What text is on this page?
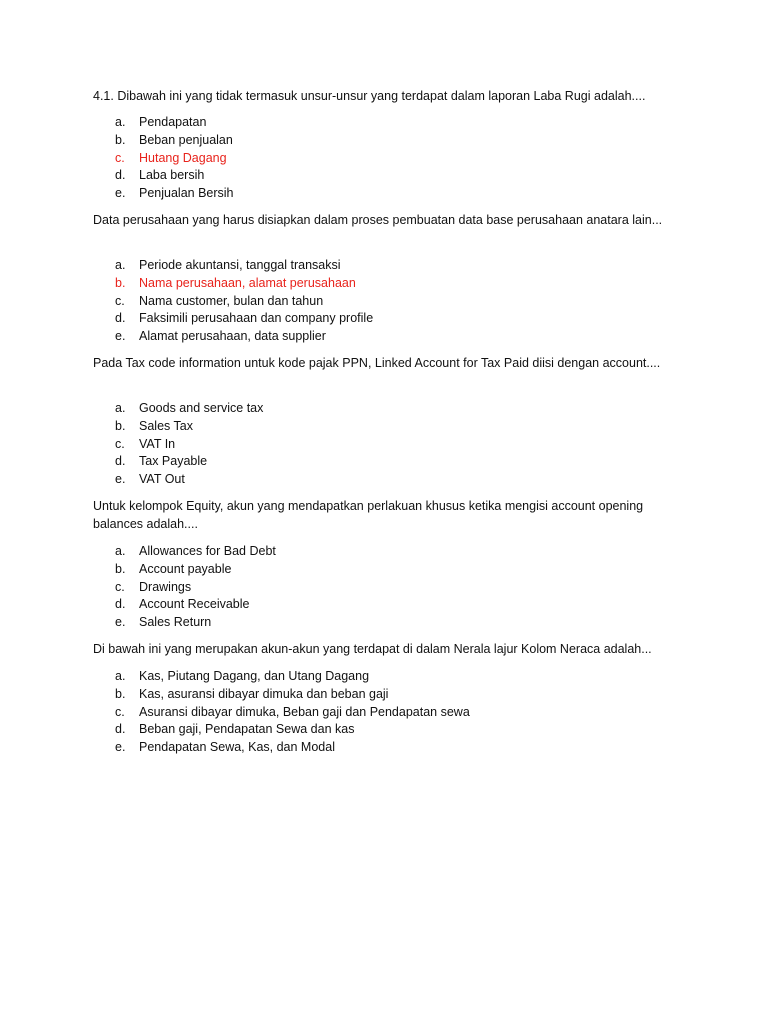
4.1. Dibawah ini yang tidak termasuk unsur-unsur yang terdapat dalam laporan Laba Rugi adalah....

a. Pendapatan
b. Beban penjualan
c. Hutang Dagang
d. Laba bersih
e. Penjualan Bersih

Data perusahaan yang harus disiapkan dalam proses pembuatan data base perusahaan anatara lain...

a. Periode akuntansi, tanggal transaksi
b. Nama perusahaan, alamat perusahaan
c. Nama customer, bulan dan tahun
d. Faksimili perusahaan dan company profile
e. Alamat perusahaan, data supplier

Pada Tax code information untuk kode pajak PPN, Linked Account for Tax Paid diisi dengan account....

a. Goods and service tax
b. Sales Tax
c. VAT In
d. Tax Payable
e. VAT Out

Untuk kelompok Equity, akun yang mendapatkan perlakuan khusus ketika mengisi account opening balances adalah....

a. Allowances for Bad Debt
b. Account payable
c. Drawings
d. Account Receivable
e. Sales Return

Di bawah ini yang merupakan akun-akun yang terdapat di dalam Nerala lajur Kolom Neraca adalah...

a. Kas, Piutang Dagang, dan Utang Dagang
b. Kas, asuransi dibayar dimuka dan beban gaji
c. Asuransi dibayar dimuka, Beban gaji dan Pendapatan sewa
d. Beban gaji, Pendapatan Sewa dan kas
e. Pendapatan Sewa, Kas, dan Modal
